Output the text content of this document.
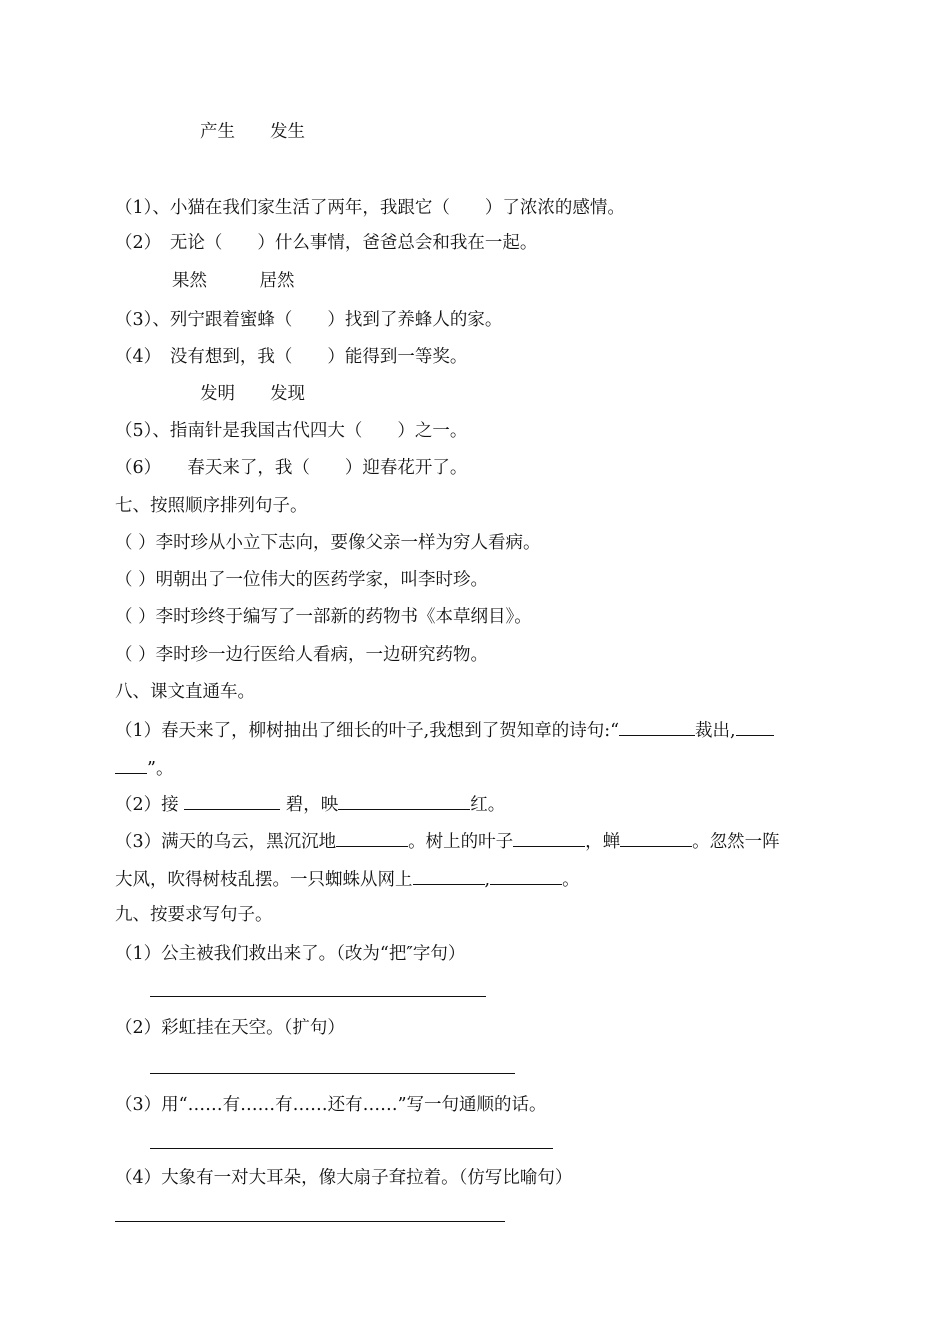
产生　　发生
（1）、小猫在我们家生活了两年，我跟它（　　）了浓浓的感情。
（2）　无论（　　）什么事情，爸爸总会和我在一起。
果然　　　居然
（3）、列宁跟着蜜蜂（　　）找到了养蜂人的家。
（4）　没有想到，我（　　）能得到一等奖。
发明　　发现
（5）、指南针是我国古代四大（　　）之一。
（6）　　春天来了，我（　　）迎春花开了。
七、按照顺序排列句子。
（ ）李时珍从小立下志向，要像父亲一样为穷人看病。
（ ）明朝出了一位伟大的医药学家，叫李时珍。
（ ）李时珍终于编写了一部新的药物书《本草纲目》。
（ ）李时珍一边行医给人看病，一边研究药物。
八、课文直通车。
（1）春天来了，柳树抽出了细长的叶子,我想到了贺知章的诗句:“	裁出,
”。
（2）接	碧，映	红。
（3）满天的乌云，黑沉沉地	。树上的叶子	，蝉	。忽然一阵
大风，吹得树枝乱摆。一只蜘蛛从网上	,	。
九、按要求写句子。
（1）公主被我们救出来了。（改为“把″字句）
（2）彩虹挂在天空。（扩句）
（3）用“……有……有……还有……”写一句通顺的话。
（4）大象有一对大耳朵，像大扇子耷拉着。（仿写比喻句）
